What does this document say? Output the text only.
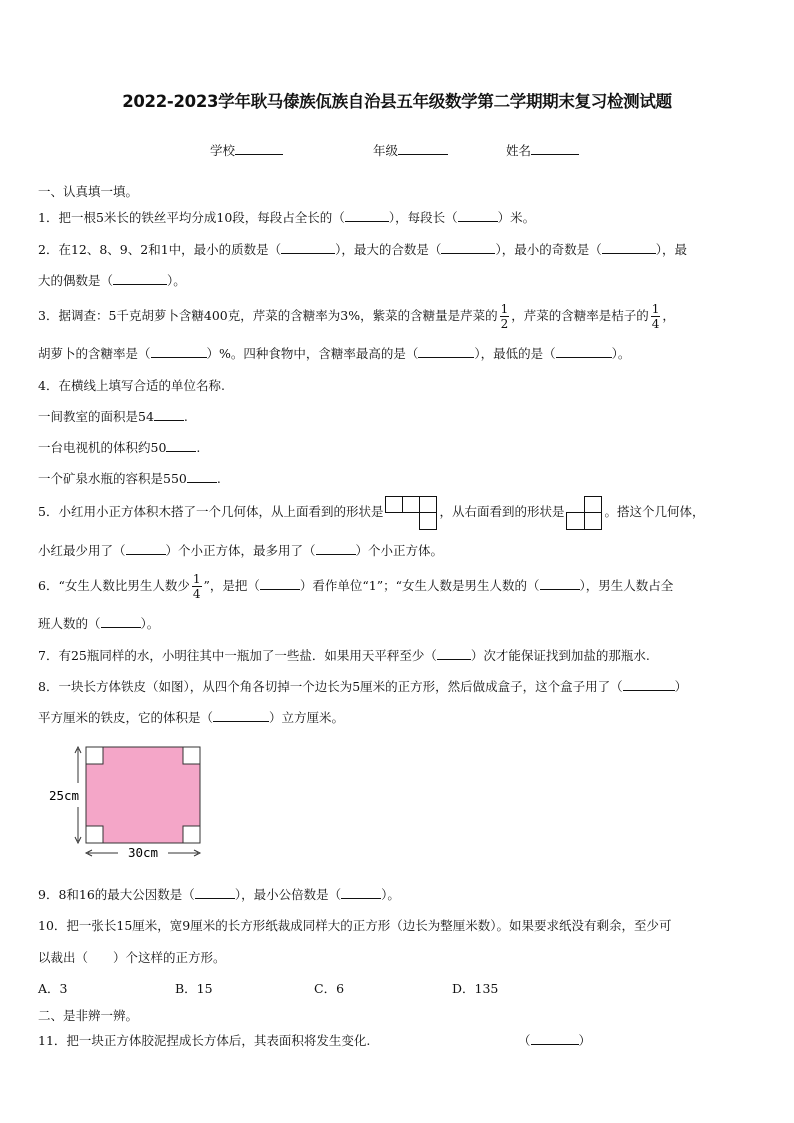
2022-2023学年耿马傣族佤族自治县五年级数学第二学期期末复习检测试题
学校	年级	姓名
一、认真填一填。
1．把一根5米长的铁丝平均分成10段，每段占全长的（	），每段长（	）米。
2．在12、8、9、2和1中，最小的质数是（	），最大的合数是（	），最小的奇数是（	），最
大的偶数是（	）。
3．据调查：5千克胡萝卜含糖400克，芹菜的含糖率为3%，紫菜的含糖量是芹菜的 $\frac{1}{2}$ ，芹菜的含糖率是桔子的 $\frac{1}{4}$ ，
胡萝卜的含糖率是（	）%。四种食物中，含糖率最高的是（	），最低的是（	）。
4．在横线上填写合适的单位名称.
一间教室的面积是54 .
一台电视机的体积约50 .
一个矿泉水瓶的容积是550 .
5．小红用小正方体积木搭了一个几何体，从上面看到的形状是	，从右面看到的形状是	。搭这个几何体，
小红最少用了（	）个小正方体，最多用了（	）个小正方体。
6．“女生人数比男生人数少 $\frac{1}{4}$ ”，是把（	）看作单位“1”；“女生人数是男生人数的（	），男生人数占全
班人数的（	）。
7．有25瓶同样的水，小明往其中一瓶加了一些盐．如果用天平秤至少（	）次才能保证找到加盐的那瓶水.
8．一块长方体铁皮（如图），从四个角各切掉一个边长为5厘米的正方形，然后做成盒子，这个盒子用了（	）
平方厘米的铁皮，它的体积是（	）立方厘米。
25cm
30cm
9．8和16的最大公因数是（	），最小公倍数是（	）。
10．把一张长15厘米，宽9厘米的长方形纸裁成同样大的正方形（边长为整厘米数）。如果要求纸没有剩余，至少可
以裁出（　　）个这样的正方形。
A．3	B．15	C．6	D．135
二、是非辨一辨。
11．把一块正方体胶泥捏成长方体后，其表面积将发生变化.	（	）
